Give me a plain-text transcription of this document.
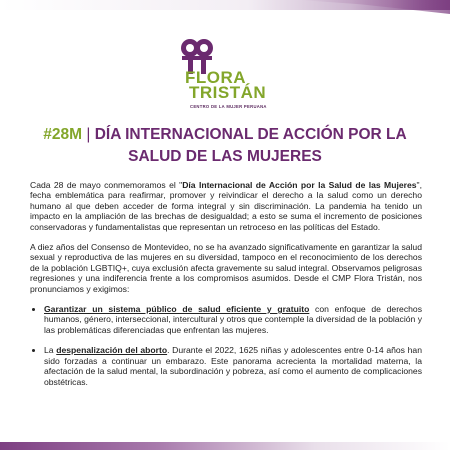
FLORA
TRISTÁN
CENTRO DE LA MUJER PERUANA
#28M | DÍA INTERNACIONAL DE ACCIÓN POR LA
SALUD DE LAS MUJERES

Cada 28 de mayo conmemoramos el "Día Internacional de Acción por la Salud de las Mujeres", fecha emblemática para reafirmar, promover y reivindicar el derecho a la salud como un derecho humano al que deben acceder de forma integral y sin discriminación. La pandemia ha tenido un impacto en la ampliación de las brechas de desigualdad; a esto se suma el incremento de posiciones conservadoras y fundamentalistas que representan un retroceso en las políticas del Estado.

A diez años del Consenso de Montevideo, no se ha avanzado significativamente en garantizar la salud sexual y reproductiva de las mujeres en su diversidad, tampoco en el reconocimiento de los derechos de la población LGBTIQ+, cuya exclusión afecta gravemente su salud integral. Observamos peligrosas regresiones y una indiferencia frente a los compromisos asumidos. Desde el CMP Flora Tristán, nos pronunciamos y exigimos:

• Garantizar un sistema público de salud eficiente y gratuito con enfoque de derechos humanos, género, interseccional, intercultural y otros que contemple la diversidad de la población y las problemáticas diferenciadas que enfrentan las mujeres.
• La despenalización del aborto. Durante el 2022, 1625 niñas y adolescentes entre 0-14 años han sido forzadas a continuar un embarazo. Este panorama acrecienta la mortalidad materna, la afectación de la salud mental, la subordinación y pobreza, así como el aumento de complicaciones obstétricas.
